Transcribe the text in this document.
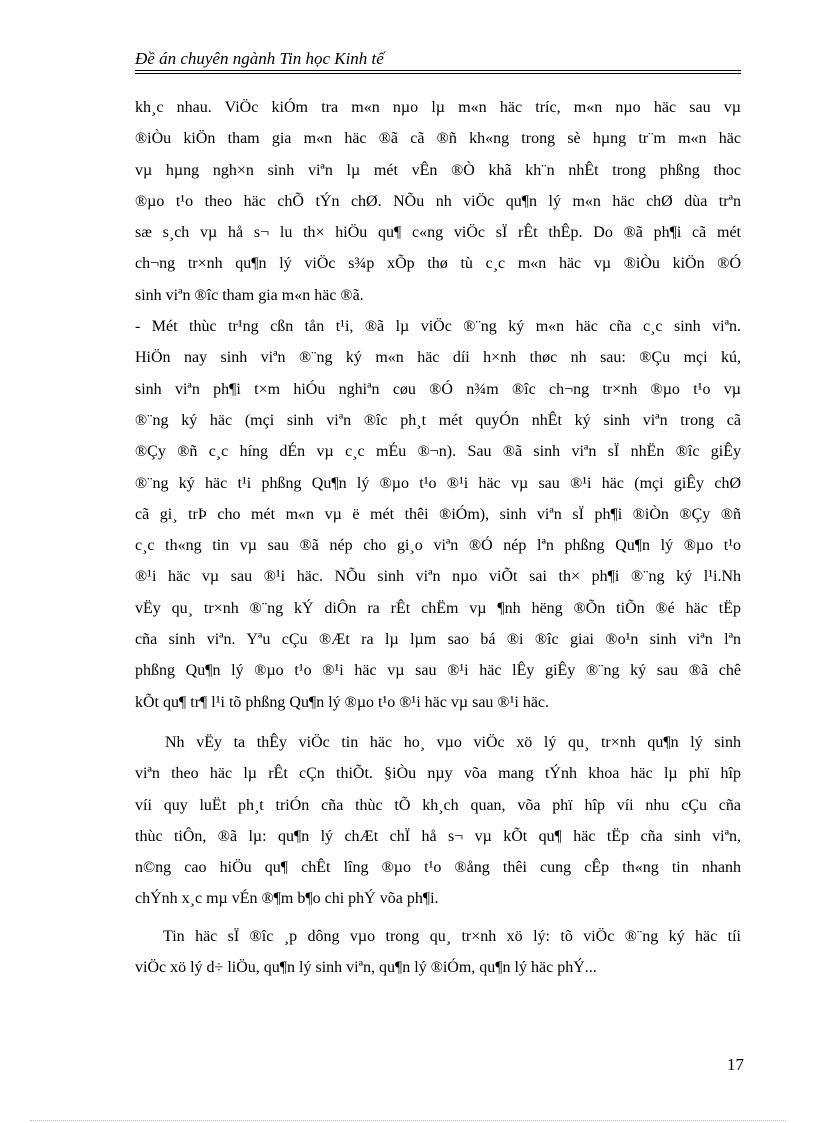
Đề án chuyên ngành Tin học Kinh tế
kh¸c nhau. ViÖc kiÓm tra m«n nµo lµ m«n häc tríc, m«n nµo häc sau vµ
®iÒu kiÖn tham gia m«n häc ®ã cã ®ñ kh«ng trong sè hµng tr¨m m«n häc
vµ hµng ngh×n sinh viªn lµ mét vÊn ®Ò khã kh¨n nhÊt trong phßng thoc
®µo t¹o theo häc chÕ tÝn chØ. NÕu nh viÖc qu¶n lý m«n häc chØ dùa trªn
sæ s¸ch vµ hå s¬ lu th× hiÖu qu¶ c«ng viÖc sÏ rÊt thÊp. Do ®ã ph¶i cã mét
ch¬ng tr×nh qu¶n lý viÖc s¾p xÕp thø tù c¸c m«n häc vµ ®iÒu kiÖn ®Ó
sinh viªn ®îc tham gia m«n häc ®ã.
- Mét thùc tr¹ng cßn tån t¹i, ®ã lµ viÖc ®¨ng ký m«n häc cña c¸c sinh viªn.
HiÖn nay sinh viªn ®¨ng ký m«n häc díi h×nh thøc nh sau: ®Çu mçi kú,
sinh viªn ph¶i t×m hiÓu nghiªn cøu ®Ó n¾m ®îc ch¬ng tr×nh ®µo t¹o vµ
®¨ng ký häc (mçi sinh viªn ®îc ph¸t mét quyÓn nhÊt ký sinh viªn trong cã
®Çy ®ñ c¸c híng dÉn vµ c¸c mÉu ®¬n). Sau ®ã sinh viªn sÏ nhËn ®îc giÊy
®¨ng ký häc t¹i phßng Qu¶n lý ®µo t¹o ®¹i häc vµ sau ®¹i häc (mçi giÊy chØ
cã gi¸ trÞ cho mét m«n vµ ë mét thêi ®iÓm), sinh viªn sÏ ph¶i ®iÒn ®Çy ®ñ
c¸c th«ng tin vµ sau ®ã nép cho gi¸o viªn ®Ó nép lªn phßng Qu¶n lý ®µo t¹o
®¹i häc vµ sau ®¹i häc. NÕu sinh viªn nµo viÕt sai th× ph¶i ®¨ng ký l¹i.Nh
vËy qu¸ tr×nh ®¨ng kÝ diÔn ra rÊt chËm vµ ¶nh hëng ®Õn tiÕn ®é häc tËp
cña sinh viªn. Yªu cÇu ®Æt ra lµ lµm sao bá ®i ®îc giai ®o¹n sinh viªn lªn
phßng Qu¶n lý ®µo t¹o ®¹i häc vµ sau ®¹i häc lÊy giÊy ®¨ng ký sau ®ã chê
kÕt qu¶ tr¶ l¹i tõ phßng Qu¶n lý ®µo t¹o ®¹i häc vµ sau ®¹i häc.
Nh vËy ta thÊy viÖc tin häc ho¸ vµo viÖc xö lý qu¸ tr×nh qu¶n lý sinh
viªn theo häc lµ rÊt cÇn thiÕt. §iÒu nµy võa mang tÝnh khoa häc lµ phï hîp
víi quy luËt ph¸t triÓn cña thùc tÕ kh¸ch quan, võa phï hîp víi nhu cÇu cña
thùc tiÔn, ®ã lµ: qu¶n lý chÆt chÏ hå s¬ vµ kÕt qu¶ häc tËp cña sinh viªn,
n©ng cao hiÖu qu¶ chÊt lîng ®µo t¹o ®ång thêi cung cÊp th«ng tin nhanh
chÝnh x¸c mµ vÉn ®¶m b¶o chi phÝ võa ph¶i.
Tin häc sÏ ®îc ¸p dông vµo trong qu¸ tr×nh xö lý: tõ viÖc ®¨ng ký häc tíi
viÖc xö lý d÷ liÖu, qu¶n lý sinh viªn, qu¶n lý ®iÓm, qu¶n lý häc phÝ...
17
